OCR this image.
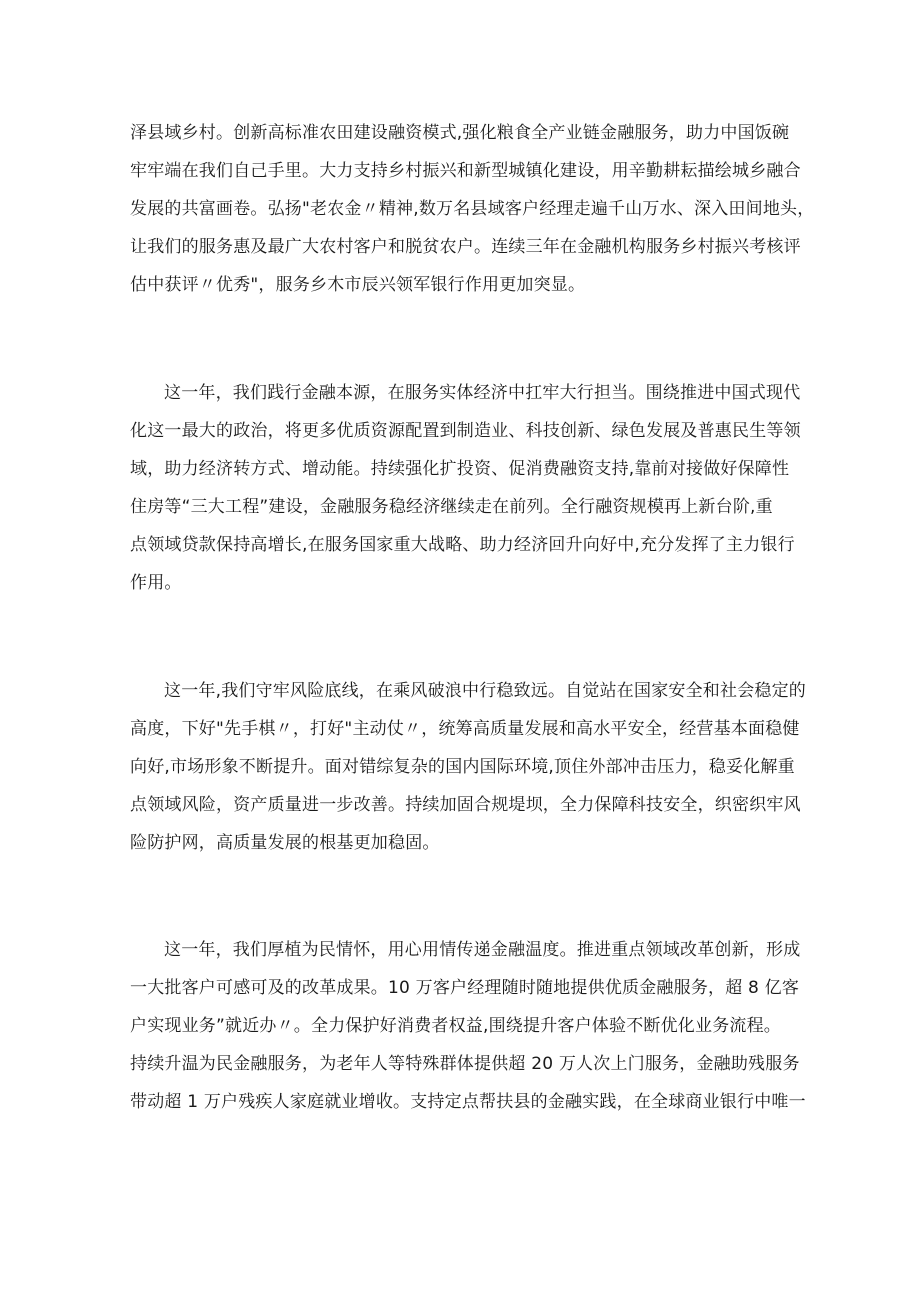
泽县域乡村。创新高标准农田建设融资模式,强化粮食全产业链金融服务，助力中国饭碗
牢牢端在我们自己手里。大力支持乡村振兴和新型城镇化建设，用辛勤耕耘描绘城乡融合
发展的共富画卷。弘扬"老农金〃精神,数万名县域客户经理走遍千山万水、深入田间地头，
让我们的服务惠及最广大农村客户和脱贫农户。连续三年在金融机构服务乡村振兴考核评
估中获评〃优秀"，服务乡木市辰兴领军银行作用更加突显。
这一年，我们践行金融本源，在服务实体经济中扛牢大行担当。围绕推进中国式现代
化这一最大的政治，将更多优质资源配置到制造业、科技创新、绿色发展及普惠民生等领
域，助力经济转方式、增动能。持续强化扩投资、促消费融资支持,靠前对接做好保障性
住房等“三大工程”建设，金融服务稳经济继续走在前列。全行融资规模再上新台阶,重
点领域贷款保持高增长,在服务国家重大战略、助力经济回升向好中,充分发挥了主力银行
作用。
这一年,我们守牢风险底线，在乘风破浪中行稳致远。自觉站在国家安全和社会稳定的
高度，下好"先手棋〃，打好"主动仗〃，统筹高质量发展和高水平安全，经营基本面稳健
向好,市场形象不断提升。面对错综复杂的国内国际环境,顶住外部冲击压力，稳妥化解重
点领域风险，资产质量进一步改善。持续加固合规堤坝，全力保障科技安全，织密织牢风
险防护网，高质量发展的根基更加稳固。
这一年，我们厚植为民情怀，用心用情传递金融温度。推进重点领域改革创新，形成
一大批客户可感可及的改革成果。10 万客户经理随时随地提供优质金融服务，超 8 亿客
户实现业务”就近办〃。全力保护好消费者权益,围绕提升客户体验不断优化业务流程。
持续升温为民金融服务，为老年人等特殊群体提供超 20 万人次上门服务，金融助残服务
带动超 1 万户残疾人家庭就业增收。支持定点帮扶县的金融实践，在全球商业银行中唯一
